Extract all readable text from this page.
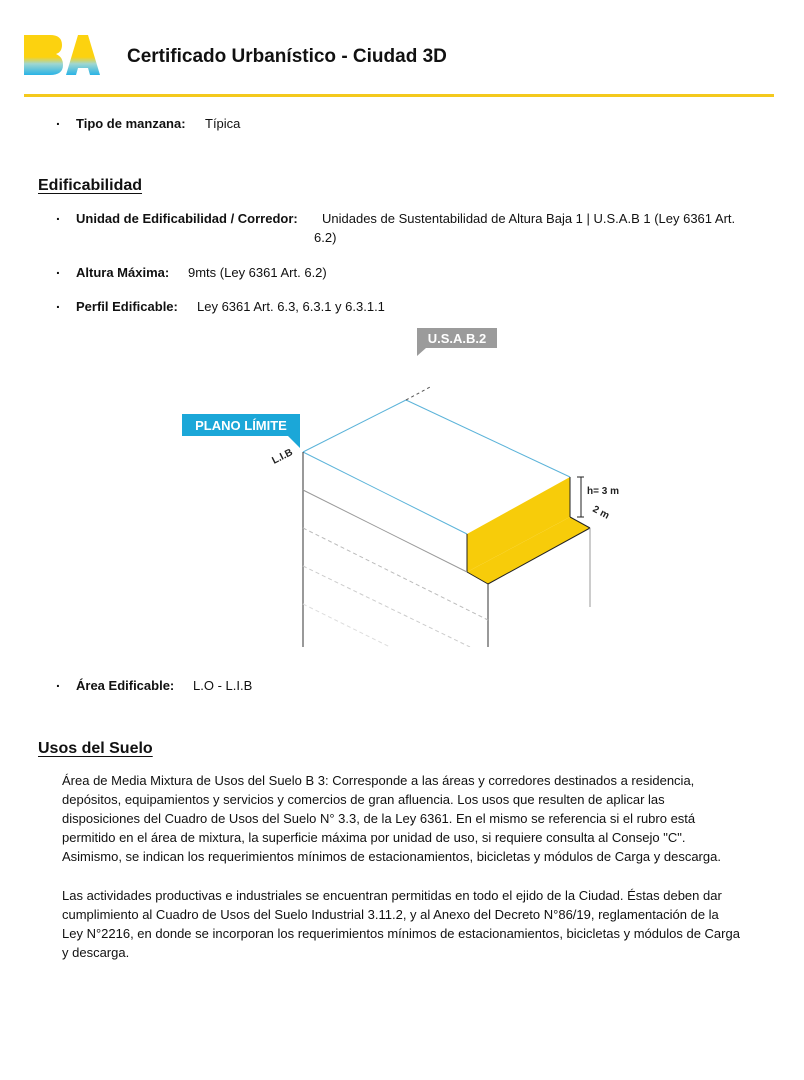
BA
Certificado Urbanístico - Ciudad 3D
. Tipo de manzana: Típica
Edificabilidad
. Unidad de Edificabilidad / Corredor: Unidades de Sustentabilidad de Altura Baja 1 | U.S.A.B 1 (Ley 6361 Art.
6.2)
. Altura Máxima: 9mts (Ley 6361 Art. 6.2)
. Perfil Edificable: Ley 6361 Art. 6.3, 6.3.1 y 6.3.1.1
U.S.A.B.2
PLANO LÍMITE
L.I.B
h= 3 m
2 m
. Área Edificable: L.O - L.I.B
Usos del Suelo
Área de Media Mixtura de Usos del Suelo B 3: Corresponde a las áreas y corredores destinados a residencia,
depósitos, equipamientos y servicios y comercios de gran afluencia. Los usos que resulten de aplicar las
disposiciones del Cuadro de Usos del Suelo N° 3.3, de la Ley 6361. En el mismo se referencia si el rubro está
permitido en el área de mixtura, la superficie máxima por unidad de uso, si requiere consulta al Consejo "C".
Asimismo, se indican los requerimientos mínimos de estacionamientos, bicicletas y módulos de Carga y descarga.
Las actividades productivas e industriales se encuentran permitidas en todo el ejido de la Ciudad. Éstas deben dar
cumplimiento al Cuadro de Usos del Suelo Industrial 3.11.2, y al Anexo del Decreto N°86/19, reglamentación de la
Ley N°2216, en donde se incorporan los requerimientos mínimos de estacionamientos, bicicletas y módulos de Carga
y descarga.
